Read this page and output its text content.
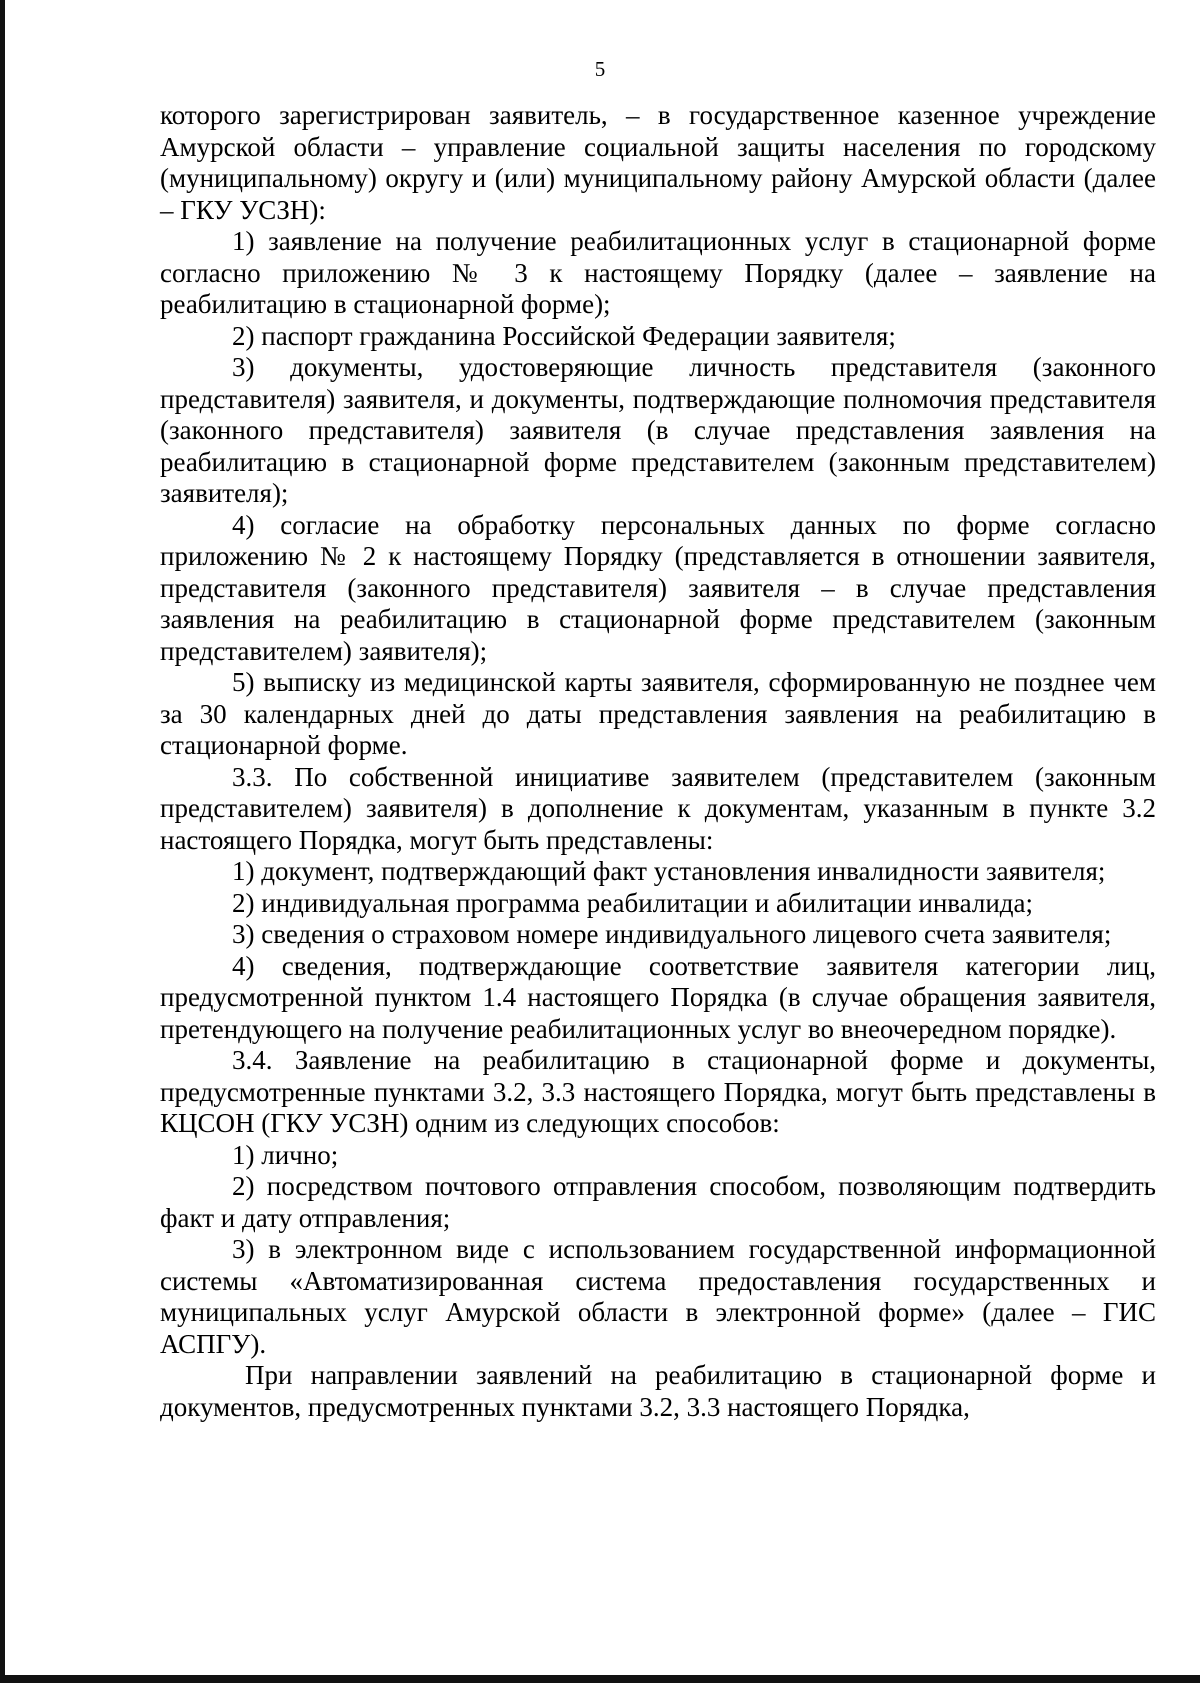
5

которого зарегистрирован заявитель, – в государственное казенное учреждение Амурской области – управление социальной защиты населения по городскому (муниципальному) округу и (или) муниципальному району Амурской области (далее – ГКУ УСЗН):

1) заявление на получение реабилитационных услуг в стационарной форме согласно приложению № 3 к настоящему Порядку (далее – заявление на реабилитацию в стационарной форме);

2) паспорт гражданина Российской Федерации заявителя;

3) документы, удостоверяющие личность представителя (законного представителя) заявителя, и документы, подтверждающие полномочия представителя (законного представителя) заявителя (в случае представления заявления на реабилитацию в стационарной форме представителем (законным представителем) заявителя);

4) согласие на обработку персональных данных по форме согласно приложению № 2 к настоящему Порядку (представляется в отношении заявителя, представителя (законного представителя) заявителя – в случае представления заявления на реабилитацию в стационарной форме представителем (законным представителем) заявителя);

5) выписку из медицинской карты заявителя, сформированную не позднее чем за 30 календарных дней до даты представления заявления на реабилитацию в стационарной форме.

3.3. По собственной инициативе заявителем (представителем (законным представителем) заявителя) в дополнение к документам, указанным в пункте 3.2 настоящего Порядка, могут быть представлены:

1) документ, подтверждающий факт установления инвалидности заявителя;

2) индивидуальная программа реабилитации и абилитации инвалида;

3) сведения о страховом номере индивидуального лицевого счета заявителя;

4) сведения, подтверждающие соответствие заявителя категории лиц, предусмотренной пунктом 1.4 настоящего Порядка (в случае обращения заявителя, претендующего на получение реабилитационных услуг во внеочередном порядке).

3.4. Заявление на реабилитацию в стационарной форме и документы, предусмотренные пунктами 3.2, 3.3 настоящего Порядка, могут быть представлены в КЦСОН (ГКУ УСЗН) одним из следующих способов:

1) лично;

2) посредством почтового отправления способом, позволяющим подтвердить факт и дату отправления;

3) в электронном виде с использованием государственной информационной системы «Автоматизированная система предоставления государственных и муниципальных услуг Амурской области в электронной форме» (далее – ГИС АСПГУ).

При направлении заявлений на реабилитацию в стационарной форме и документов, предусмотренных пунктами 3.2, 3.3 настоящего Порядка,
